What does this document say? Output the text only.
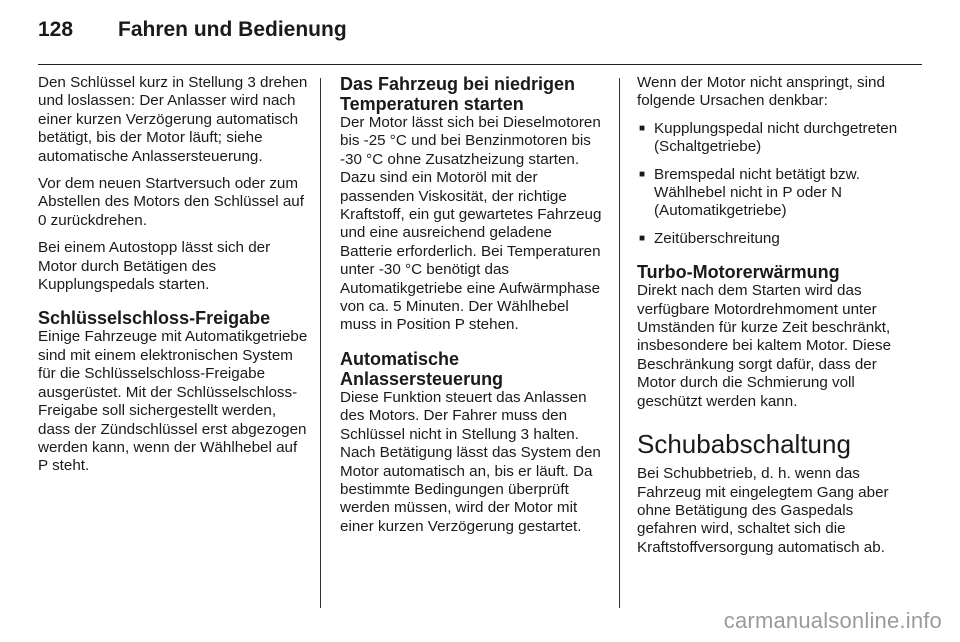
128	Fahren und Bedienung

Den Schlüssel kurz in Stellung 3 drehen und loslassen: Der Anlasser wird nach einer kurzen Verzögerung automatisch betätigt, bis der Motor läuft; siehe automatische Anlassersteuerung.

Vor dem neuen Startversuch oder zum Abstellen des Motors den Schlüssel auf 0 zurückdrehen.

Bei einem Autostopp lässt sich der Motor durch Betätigen des Kupplungspedals starten.

Schlüsselschloss-Freigabe

Einige Fahrzeuge mit Automatikgetriebe sind mit einem elektronischen System für die Schlüsselschloss-Freigabe ausgerüstet. Mit der Schlüsselschloss-Freigabe soll sichergestellt werden, dass der Zündschlüssel erst abgezogen werden kann, wenn der Wählhebel auf P steht.

Das Fahrzeug bei niedrigen Temperaturen starten

Der Motor lässt sich bei Dieselmotoren bis -25 °C und bei Benzinmotoren bis -30 °C ohne Zusatzheizung starten. Dazu sind ein Motoröl mit der passenden Viskosität, der richtige Kraftstoff, ein gut gewartetes Fahrzeug und eine ausreichend geladene Batterie erforderlich. Bei Temperaturen unter -30 °C benötigt das Automatikgetriebe eine Aufwärmphase von ca. 5 Minuten. Der Wählhebel muss in Position P stehen.

Automatische Anlassersteuerung

Diese Funktion steuert das Anlassen des Motors. Der Fahrer muss den Schlüssel nicht in Stellung 3 halten. Nach Betätigung lässt das System den Motor automatisch an, bis er läuft. Da bestimmte Bedingungen überprüft werden müssen, wird der Motor mit einer kurzen Verzögerung gestartet.

Wenn der Motor nicht anspringt, sind folgende Ursachen denkbar:

■ Kupplungspedal nicht durchgetreten (Schaltgetriebe)
■ Bremspedal nicht betätigt bzw. Wählhebel nicht in P oder N (Automatikgetriebe)
■ Zeitüberschreitung
Turbo-Motorerwärmung

Direkt nach dem Starten wird das verfügbare Motordrehmoment unter Umständen für kurze Zeit beschränkt, insbesondere bei kaltem Motor. Diese Beschränkung sorgt dafür, dass der Motor durch die Schmierung voll geschützt werden kann.

Schubabschaltung

Bei Schubbetrieb, d. h. wenn das Fahrzeug mit eingelegtem Gang aber ohne Betätigung des Gaspedals gefahren wird, schaltet sich die Kraftstoffversorgung automatisch ab.

carmanualsonline.info
